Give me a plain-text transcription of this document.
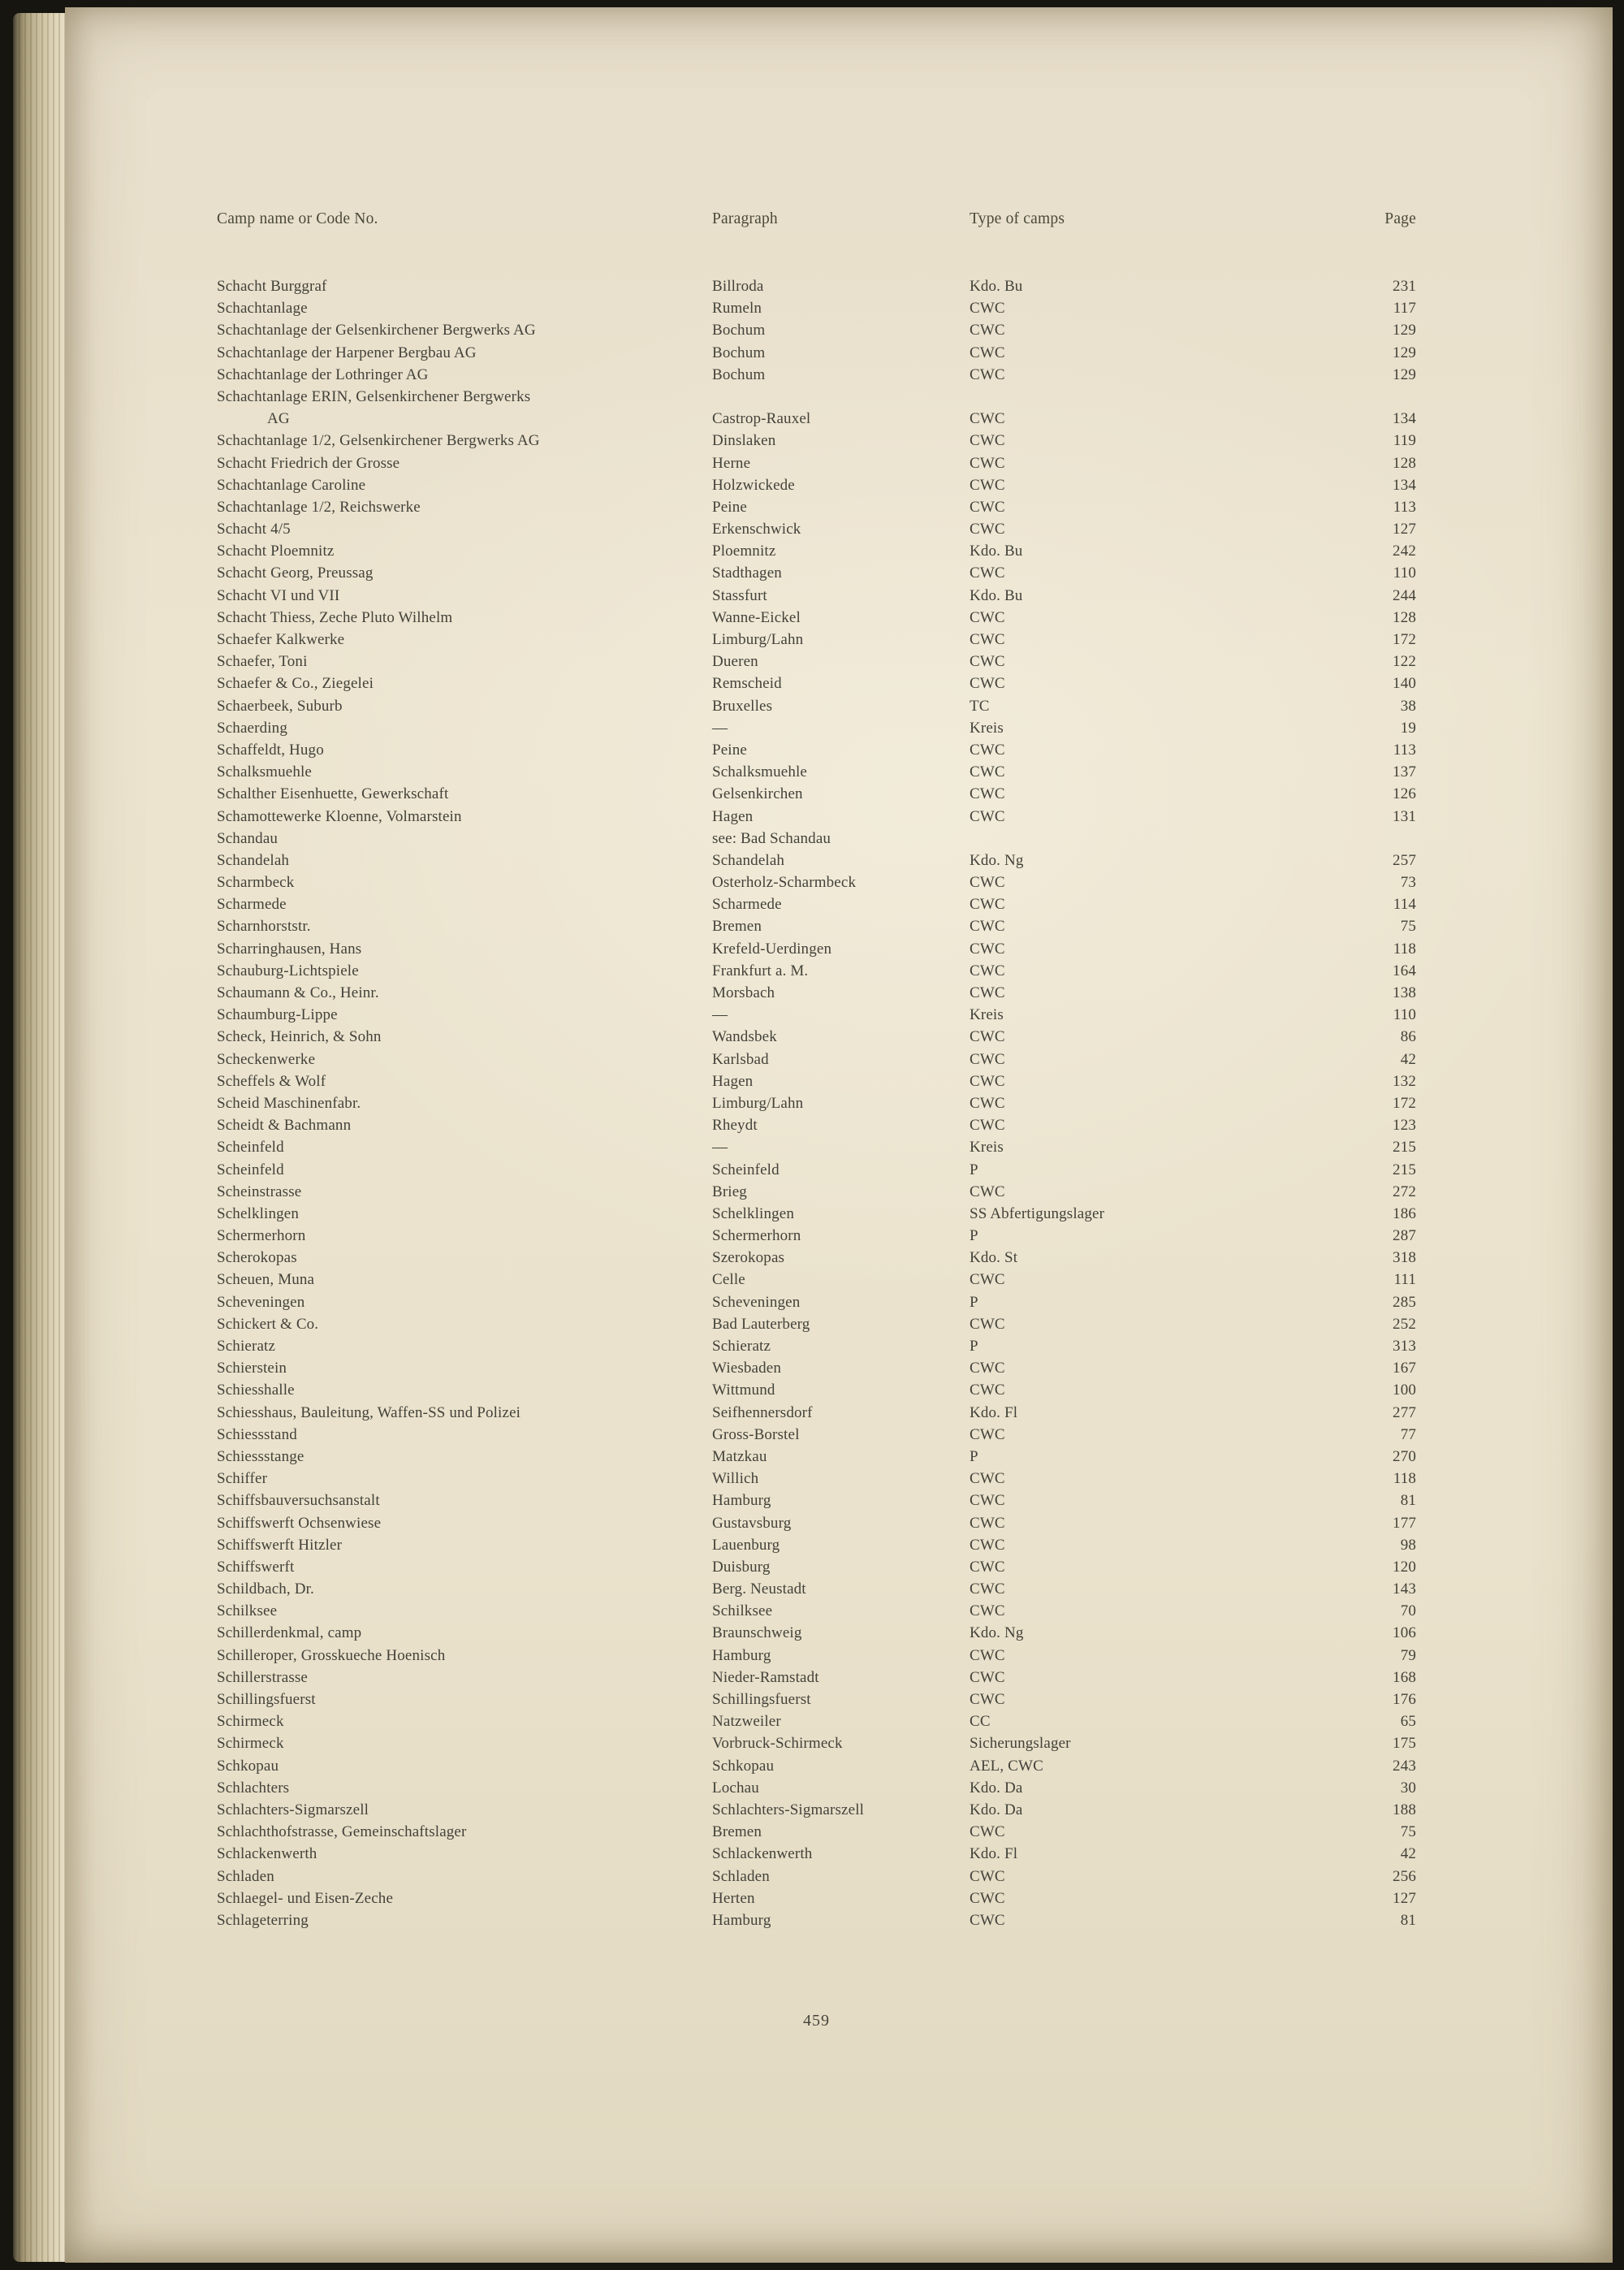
Camp name or Code No.	Paragraph	Type of camps	Page
Schacht Burggraf	Billroda	Kdo. Bu	231
Schachtanlage	Rumeln	CWC	117
Schachtanlage der Gelsenkirchener Bergwerks AG	Bochum	CWC	129
Schachtanlage der Harpener Bergbau AG	Bochum	CWC	129
Schachtanlage der Lothringer AG	Bochum	CWC	129
Schachtanlage ERIN, Gelsenkirchener Bergwerks
AG	Castrop-Rauxel	CWC	134
Schachtanlage 1/2, Gelsenkirchener Bergwerks AG	Dinslaken	CWC	119
Schacht Friedrich der Grosse	Herne	CWC	128
Schachtanlage Caroline	Holzwickede	CWC	134
Schachtanlage 1/2, Reichswerke	Peine	CWC	113
Schacht 4/5	Erkenschwick	CWC	127
Schacht Ploemnitz	Ploemnitz	Kdo. Bu	242
Schacht Georg, Preussag	Stadthagen	CWC	110
Schacht VI und VII	Stassfurt	Kdo. Bu	244
Schacht Thiess, Zeche Pluto Wilhelm	Wanne-Eickel	CWC	128
Schaefer Kalkwerke	Limburg/Lahn	CWC	172
Schaefer, Toni	Dueren	CWC	122
Schaefer & Co., Ziegelei	Remscheid	CWC	140
Schaerbeek, Suburb	Bruxelles	TC	38
Schaerding	—	Kreis	19
Schaffeldt, Hugo	Peine	CWC	113
Schalksmuehle	Schalksmuehle	CWC	137
Schalther Eisenhuette, Gewerkschaft	Gelsenkirchen	CWC	126
Schamottewerke Kloenne, Volmarstein	Hagen	CWC	131
Schandau	see: Bad Schandau
Schandelah	Schandelah	Kdo. Ng	257
Scharmbeck	Osterholz-Scharmbeck	CWC	73
Scharmede	Scharmede	CWC	114
Scharnhorststr.	Bremen	CWC	75
Scharringhausen, Hans	Krefeld-Uerdingen	CWC	118
Schauburg-Lichtspiele	Frankfurt a. M.	CWC	164
Schaumann & Co., Heinr.	Morsbach	CWC	138
Schaumburg-Lippe	—	Kreis	110
Scheck, Heinrich, & Sohn	Wandsbek	CWC	86
Scheckenwerke	Karlsbad	CWC	42
Scheffels & Wolf	Hagen	CWC	132
Scheid Maschinenfabr.	Limburg/Lahn	CWC	172
Scheidt & Bachmann	Rheydt	CWC	123
Scheinfeld	—	Kreis	215
Scheinfeld	Scheinfeld	P	215
Scheinstrasse	Brieg	CWC	272
Schelklingen	Schelklingen	SS Abfertigungslager	186
Schermerhorn	Schermerhorn	P	287
Scherokopas	Szerokopas	Kdo. St	318
Scheuen, Muna	Celle	CWC	111
Scheveningen	Scheveningen	P	285
Schickert & Co.	Bad Lauterberg	CWC	252
Schieratz	Schieratz	P	313
Schierstein	Wiesbaden	CWC	167
Schiesshalle	Wittmund	CWC	100
Schiesshaus, Bauleitung, Waffen-SS und Polizei	Seifhennersdorf	Kdo. Fl	277
Schiessstand	Gross-Borstel	CWC	77
Schiessstange	Matzkau	P	270
Schiffer	Willich	CWC	118
Schiffsbauversuchsanstalt	Hamburg	CWC	81
Schiffswerft Ochsenwiese	Gustavsburg	CWC	177
Schiffswerft Hitzler	Lauenburg	CWC	98
Schiffswerft	Duisburg	CWC	120
Schildbach, Dr.	Berg. Neustadt	CWC	143
Schilksee	Schilksee	CWC	70
Schillerdenkmal, camp	Braunschweig	Kdo. Ng	106
Schilleroper, Grosskueche Hoenisch	Hamburg	CWC	79
Schillerstrasse	Nieder-Ramstadt	CWC	168
Schillingsfuerst	Schillingsfuerst	CWC	176
Schirmeck	Natzweiler	CC	65
Schirmeck	Vorbruck-Schirmeck	Sicherungslager	175
Schkopau	Schkopau	AEL, CWC	243
Schlachters	Lochau	Kdo. Da	30
Schlachters-Sigmarszell	Schlachters-Sigmarszell	Kdo. Da	188
Schlachthofstrasse, Gemeinschaftslager	Bremen	CWC	75
Schlackenwerth	Schlackenwerth	Kdo. Fl	42
Schladen	Schladen	CWC	256
Schlaegel- und Eisen-Zeche	Herten	CWC	127
Schlageterring	Hamburg	CWC	81
459
